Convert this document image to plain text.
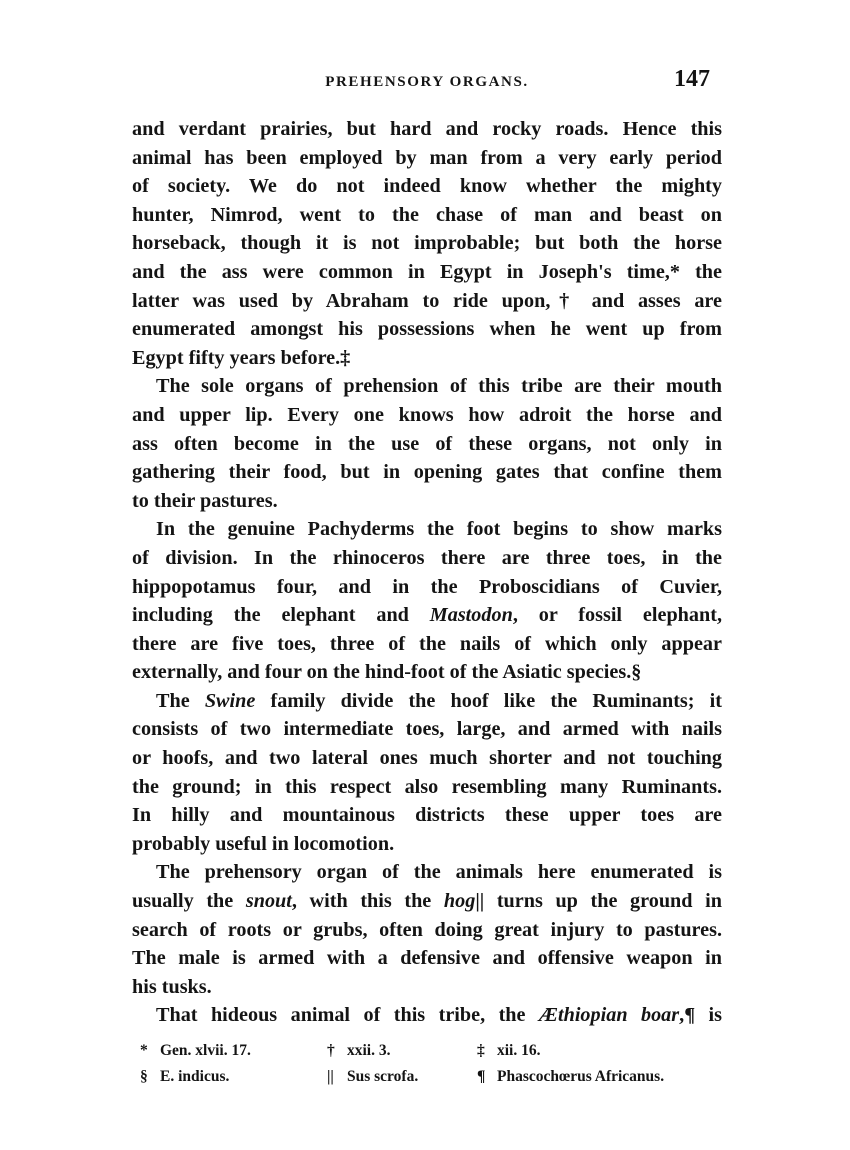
PREHENSORY ORGANS.	147

and verdant prairies, but hard and rocky roads. Hence this
animal has been employed by man from a very early period
of society. We do not indeed know whether the mighty
hunter, Nimrod, went to the chase of man and beast on
horseback, though it is not improbable; but both the horse
and the ass were common in Egypt in Joseph's time,* the
latter was used by Abraham to ride upon,† and asses are
enumerated amongst his possessions when he went up from
Egypt fifty years before.‡

The sole organs of prehension of this tribe are their mouth
and upper lip. Every one knows how adroit the horse and
ass often become in the use of these organs, not only in
gathering their food, but in opening gates that confine them
to their pastures.

In the genuine Pachyderms the foot begins to show marks
of division. In the rhinoceros there are three toes, in the
hippopotamus four, and in the Proboscidians of Cuvier,
including the elephant and Mastodon, or fossil elephant,
there are five toes, three of the nails of which only appear
externally, and four on the hind-foot of the Asiatic species.§

The Swine family divide the hoof like the Ruminants; it
consists of two intermediate toes, large, and armed with nails
or hoofs, and two lateral ones much shorter and not touching
the ground; in this respect also resembling many Ruminants.
In hilly and mountainous districts these upper toes are
probably useful in locomotion.

The prehensory organ of the animals here enumerated is
usually the snout, with this the hog|| turns up the ground in
search of roots or grubs, often doing great injury to pastures.
The male is armed with a defensive and offensive weapon in
his tusks.

That hideous animal of this tribe, the Æthiopian boar,¶ is

* Gen. xlvii. 17.	† xxii. 3.	‡ xii. 16.
§ E. indicus.	|| Sus scrofa.	¶ Phascochœrus Africanus.
